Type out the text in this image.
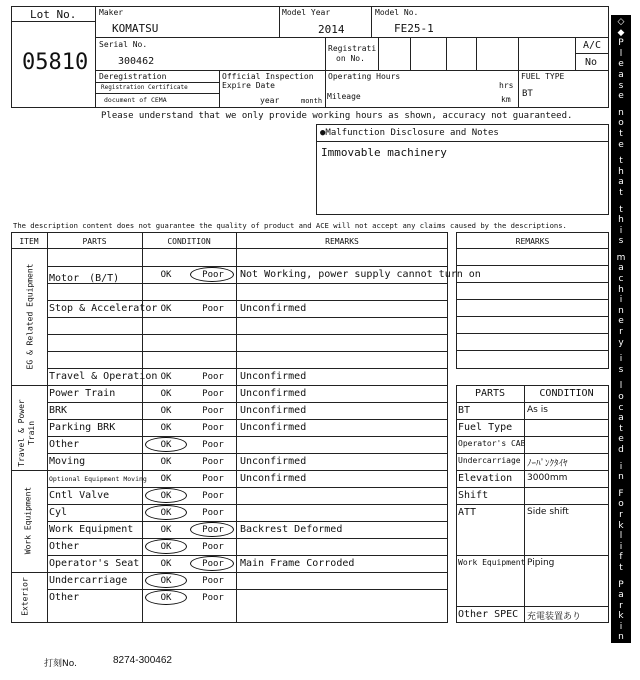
Lot No.
05810
Maker
KOMATSU
Model Year
2014
Model No.
FE25-1
Serial No.
300462
Registrati
on No.
A/C
No
Deregistration
Registration Certificate
document of CEMA
Official Inspection
Expire Date
year	month
Operating Hours
hrs
Mileage	km
FUEL TYPE
BT
Please understand that we only provide working hours as shown, accuracy not guaranteed.
●Malfunction Disclosure and Notes
Immovable machinery
The description content does not guarantee the quality of product and ACE will not accept any claims caused by the descriptions.
ITEM	PARTS	CONDITION	REMARKS
EG & Related Equipment
Travel & Power
Train
Work Equipment
Exterior
Motor　(B/T)	OK	Poor	Not Working, power supply cannot turn on
Stop & Accelerator OK	Poor	Unconfirmed
Travel & Operation OK	Poor	Unconfirmed
Power Train	OK	Poor	Unconfirmed
BRK	OK	Poor	Unconfirmed
Parking BRK	OK	Poor	Unconfirmed
Other	OK	Poor
Moving	OK	Poor	Unconfirmed
Optional Equipment Moving	OK	Poor	Unconfirmed
Cntl Valve	OK	Poor
Cyl	OK	Poor
Work Equipment	OK	Poor	Backrest Deformed
Other	OK	Poor
Operator's Seat	OK	Poor	Main Frame Corroded
Undercarriage	OK	Poor
Other	OK	Poor
REMARKS
PARTS	CONDITION
BT	As is
Fuel Type
Operator's CAB
Undercarriage ﾉｰﾊﾟﾝｸﾀｲﾔ
Elevation 3000mm
Shift
ATT	Side shift
Work Equipment Piping
Other SPEC 充電装置あり
打刻No.	8274-300462
◇
◆
P
l
e
a
s
e

n
o
t
e

t
h
a
t

t
h
i
s

m
a
c
h
i
n
e
r
y

i
s

l
o
c
a
t
e
d

i
n

F
o
r
k
l
i
f
t

P
a
r
k
i
n
g
◆
◇
